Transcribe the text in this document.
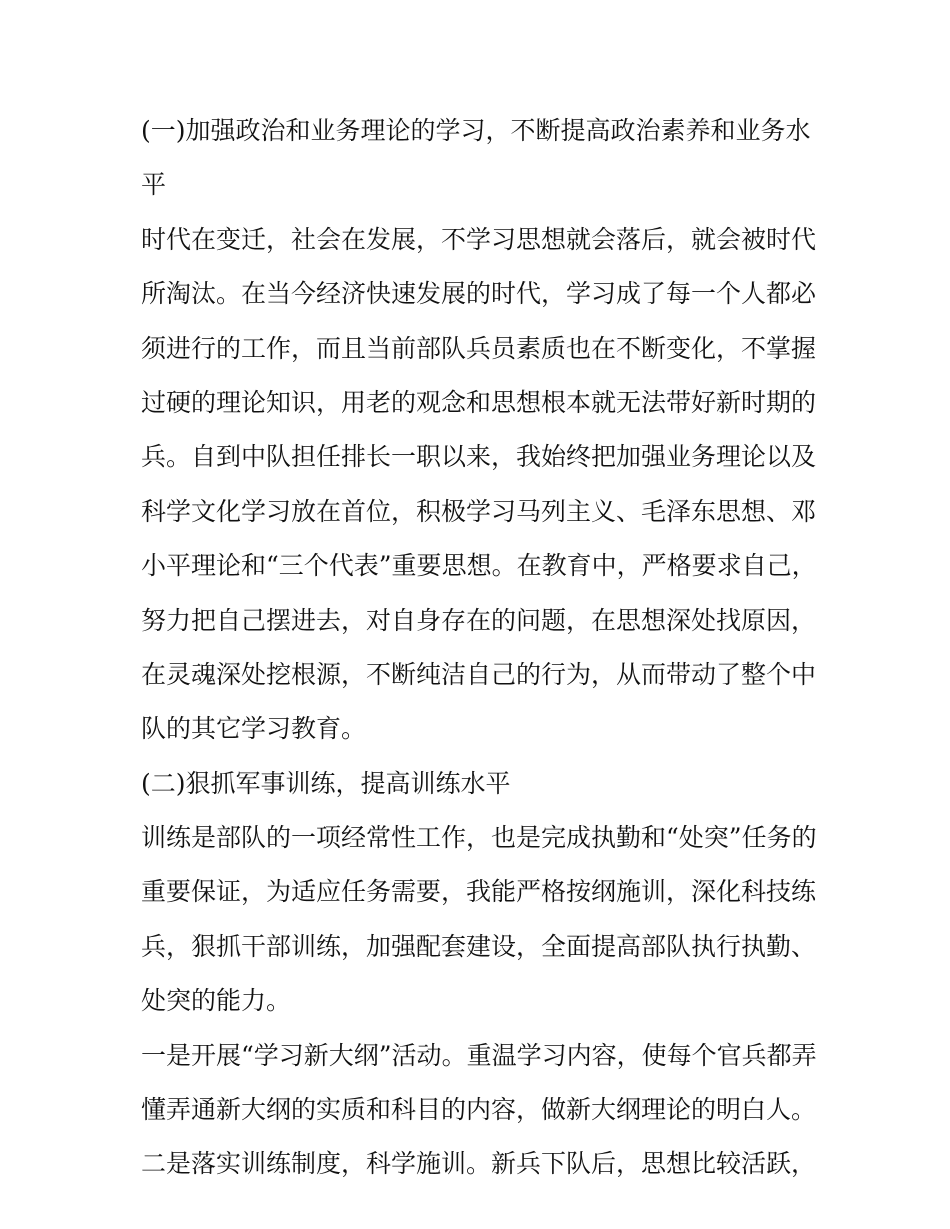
(一)加强政治和业务理论的学习，不断提高政治素养和业务水
平
时代在变迁，社会在发展，不学习思想就会落后，就会被时代
所淘汰。在当今经济快速发展的时代，学习成了每一个人都必
须进行的工作，而且当前部队兵员素质也在不断变化，不掌握
过硬的理论知识，用老的观念和思想根本就无法带好新时期的
兵。自到中队担任排长一职以来，我始终把加强业务理论以及
科学文化学习放在首位，积极学习马列主义、毛泽东思想、邓
小平理论和“三个代表”重要思想。在教育中，严格要求自己，
努力把自己摆进去，对自身存在的问题，在思想深处找原因，
在灵魂深处挖根源，不断纯洁自己的行为，从而带动了整个中
队的其它学习教育。
(二)狠抓军事训练，提高训练水平
训练是部队的一项经常性工作，也是完成执勤和“处突”任务的
重要保证，为适应任务需要，我能严格按纲施训，深化科技练
兵，狠抓干部训练，加强配套建设，全面提高部队执行执勤、
处突的能力。
一是开展“学习新大纲”活动。重温学习内容，使每个官兵都弄
懂弄通新大纲的实质和科目的内容，做新大纲理论的明白人。
二是落实训练制度，科学施训。新兵下队后，思想比较活跃，
